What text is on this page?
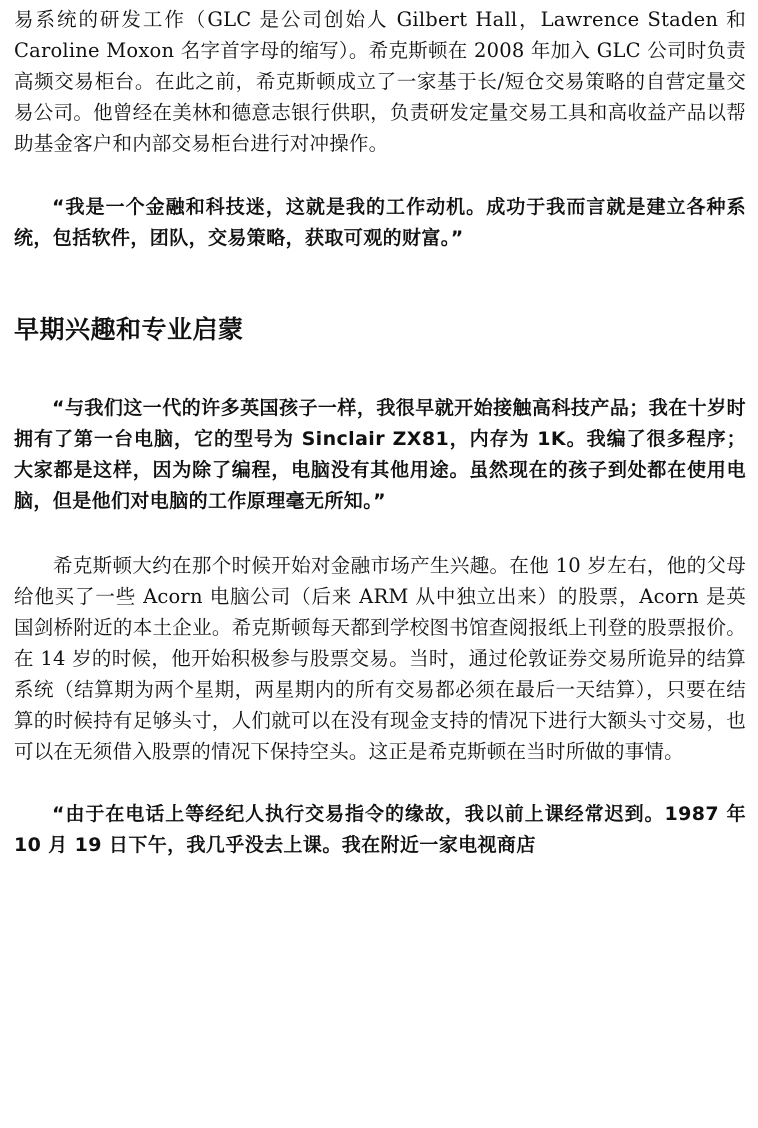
易系统的研发工作（GLC 是公司创始人 Gilbert Hall，Lawrence Staden 和 Caroline Moxon 名字首字母的缩写）。希克斯顿在 2008 年加入 GLC 公司时负责高频交易柜台。在此之前，希克斯顿成立了一家基于长/短仓交易策略的自营定量交易公司。他曾经在美林和德意志银行供职，负责研发定量交易工具和高收益产品以帮助基金客户和内部交易柜台进行对冲操作。

“我是一个金融和科技迷，这就是我的工作动机。成功于我而言就是建立各种系统，包括软件，团队，交易策略，获取可观的财富。”

早期兴趣和专业启蒙

“与我们这一代的许多英国孩子一样，我很早就开始接触高科技产品；我在十岁时拥有了第一台电脑，它的型号为 Sinclair ZX81，内存为 1K。我编了很多程序；大家都是这样，因为除了编程，电脑没有其他用途。虽然现在的孩子到处都在使用电脑，但是他们对电脑的工作原理毫无所知。”

希克斯顿大约在那个时候开始对金融市场产生兴趣。在他 10 岁左右，他的父母给他买了一些 Acorn 电脑公司（后来 ARM 从中独立出来）的股票，Acorn 是英国剑桥附近的本土企业。希克斯顿每天都到学校图书馆查阅报纸上刊登的股票报价。在 14 岁的时候，他开始积极参与股票交易。当时，通过伦敦证券交易所诡异的结算系统（结算期为两个星期，两星期内的所有交易都必须在最后一天结算），只要在结算的时候持有足够头寸，人们就可以在没有现金支持的情况下进行大额头寸交易，也可以在无须借入股票的情况下保持空头。这正是希克斯顿在当时所做的事情。

“由于在电话上等经纪人执行交易指令的缘故，我以前上课经常迟到。1987 年 10 月 19 日下午，我几乎没去上课。我在附近一家电视商店
